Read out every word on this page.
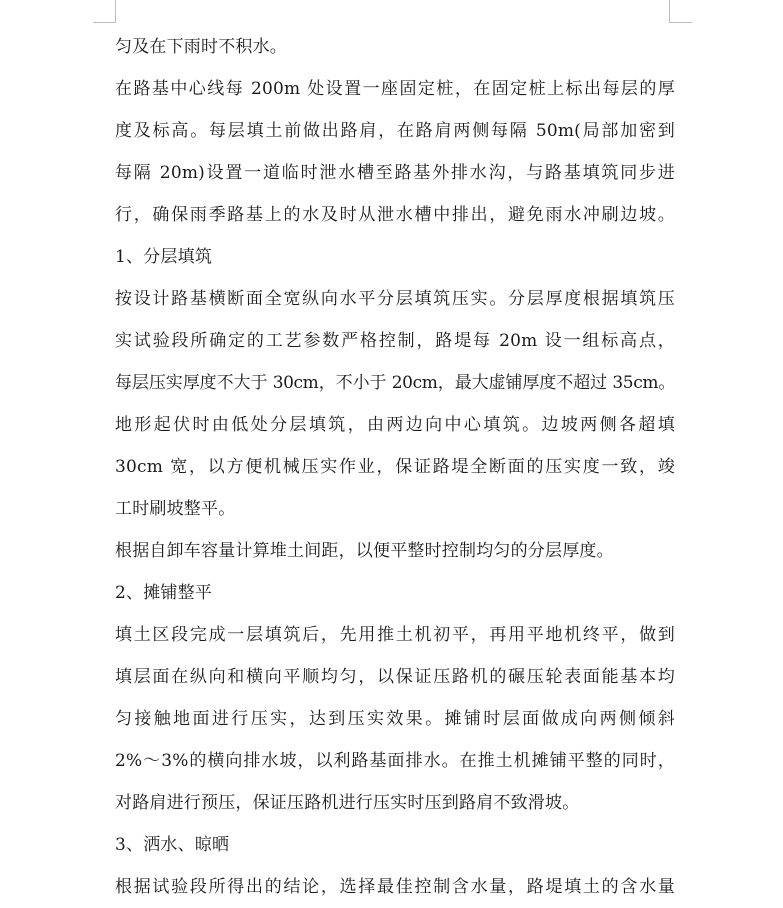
匀及在下雨时不积水。
在路基中心线每 200m 处设置一座固定桩，在固定桩上标出每层的厚
度及标高。每层填土前做出路肩，在路肩两侧每隔 50m(局部加密到
每隔 20m)设置一道临时泄水槽至路基外排水沟，与路基填筑同步进
行，确保雨季路基上的水及时从泄水槽中排出，避免雨水冲刷边坡。
1、分层填筑
按设计路基横断面全宽纵向水平分层填筑压实。分层厚度根据填筑压
实试验段所确定的工艺参数严格控制，路堤每 20m 设一组标高点，
每层压实厚度不大于 30cm，不小于 20cm，最大虚铺厚度不超过 35cm。
地形起伏时由低处分层填筑，由两边向中心填筑。边坡两侧各超填
30cm 宽，以方便机械压实作业，保证路堤全断面的压实度一致，竣
工时刷坡整平。
根据自卸车容量计算堆土间距，以便平整时控制均匀的分层厚度。
2、摊铺整平
填土区段完成一层填筑后，先用推土机初平，再用平地机终平，做到
填层面在纵向和横向平顺均匀，以保证压路机的碾压轮表面能基本均
匀接触地面进行压实，达到压实效果。摊铺时层面做成向两侧倾斜
2%～3%的横向排水坡，以利路基面排水。在推土机摊铺平整的同时，
对路肩进行预压，保证压路机进行压实时压到路肩不致滑坡。
3、洒水、晾晒
根据试验段所得出的结论，选择最佳控制含水量，路堤填土的含水量
